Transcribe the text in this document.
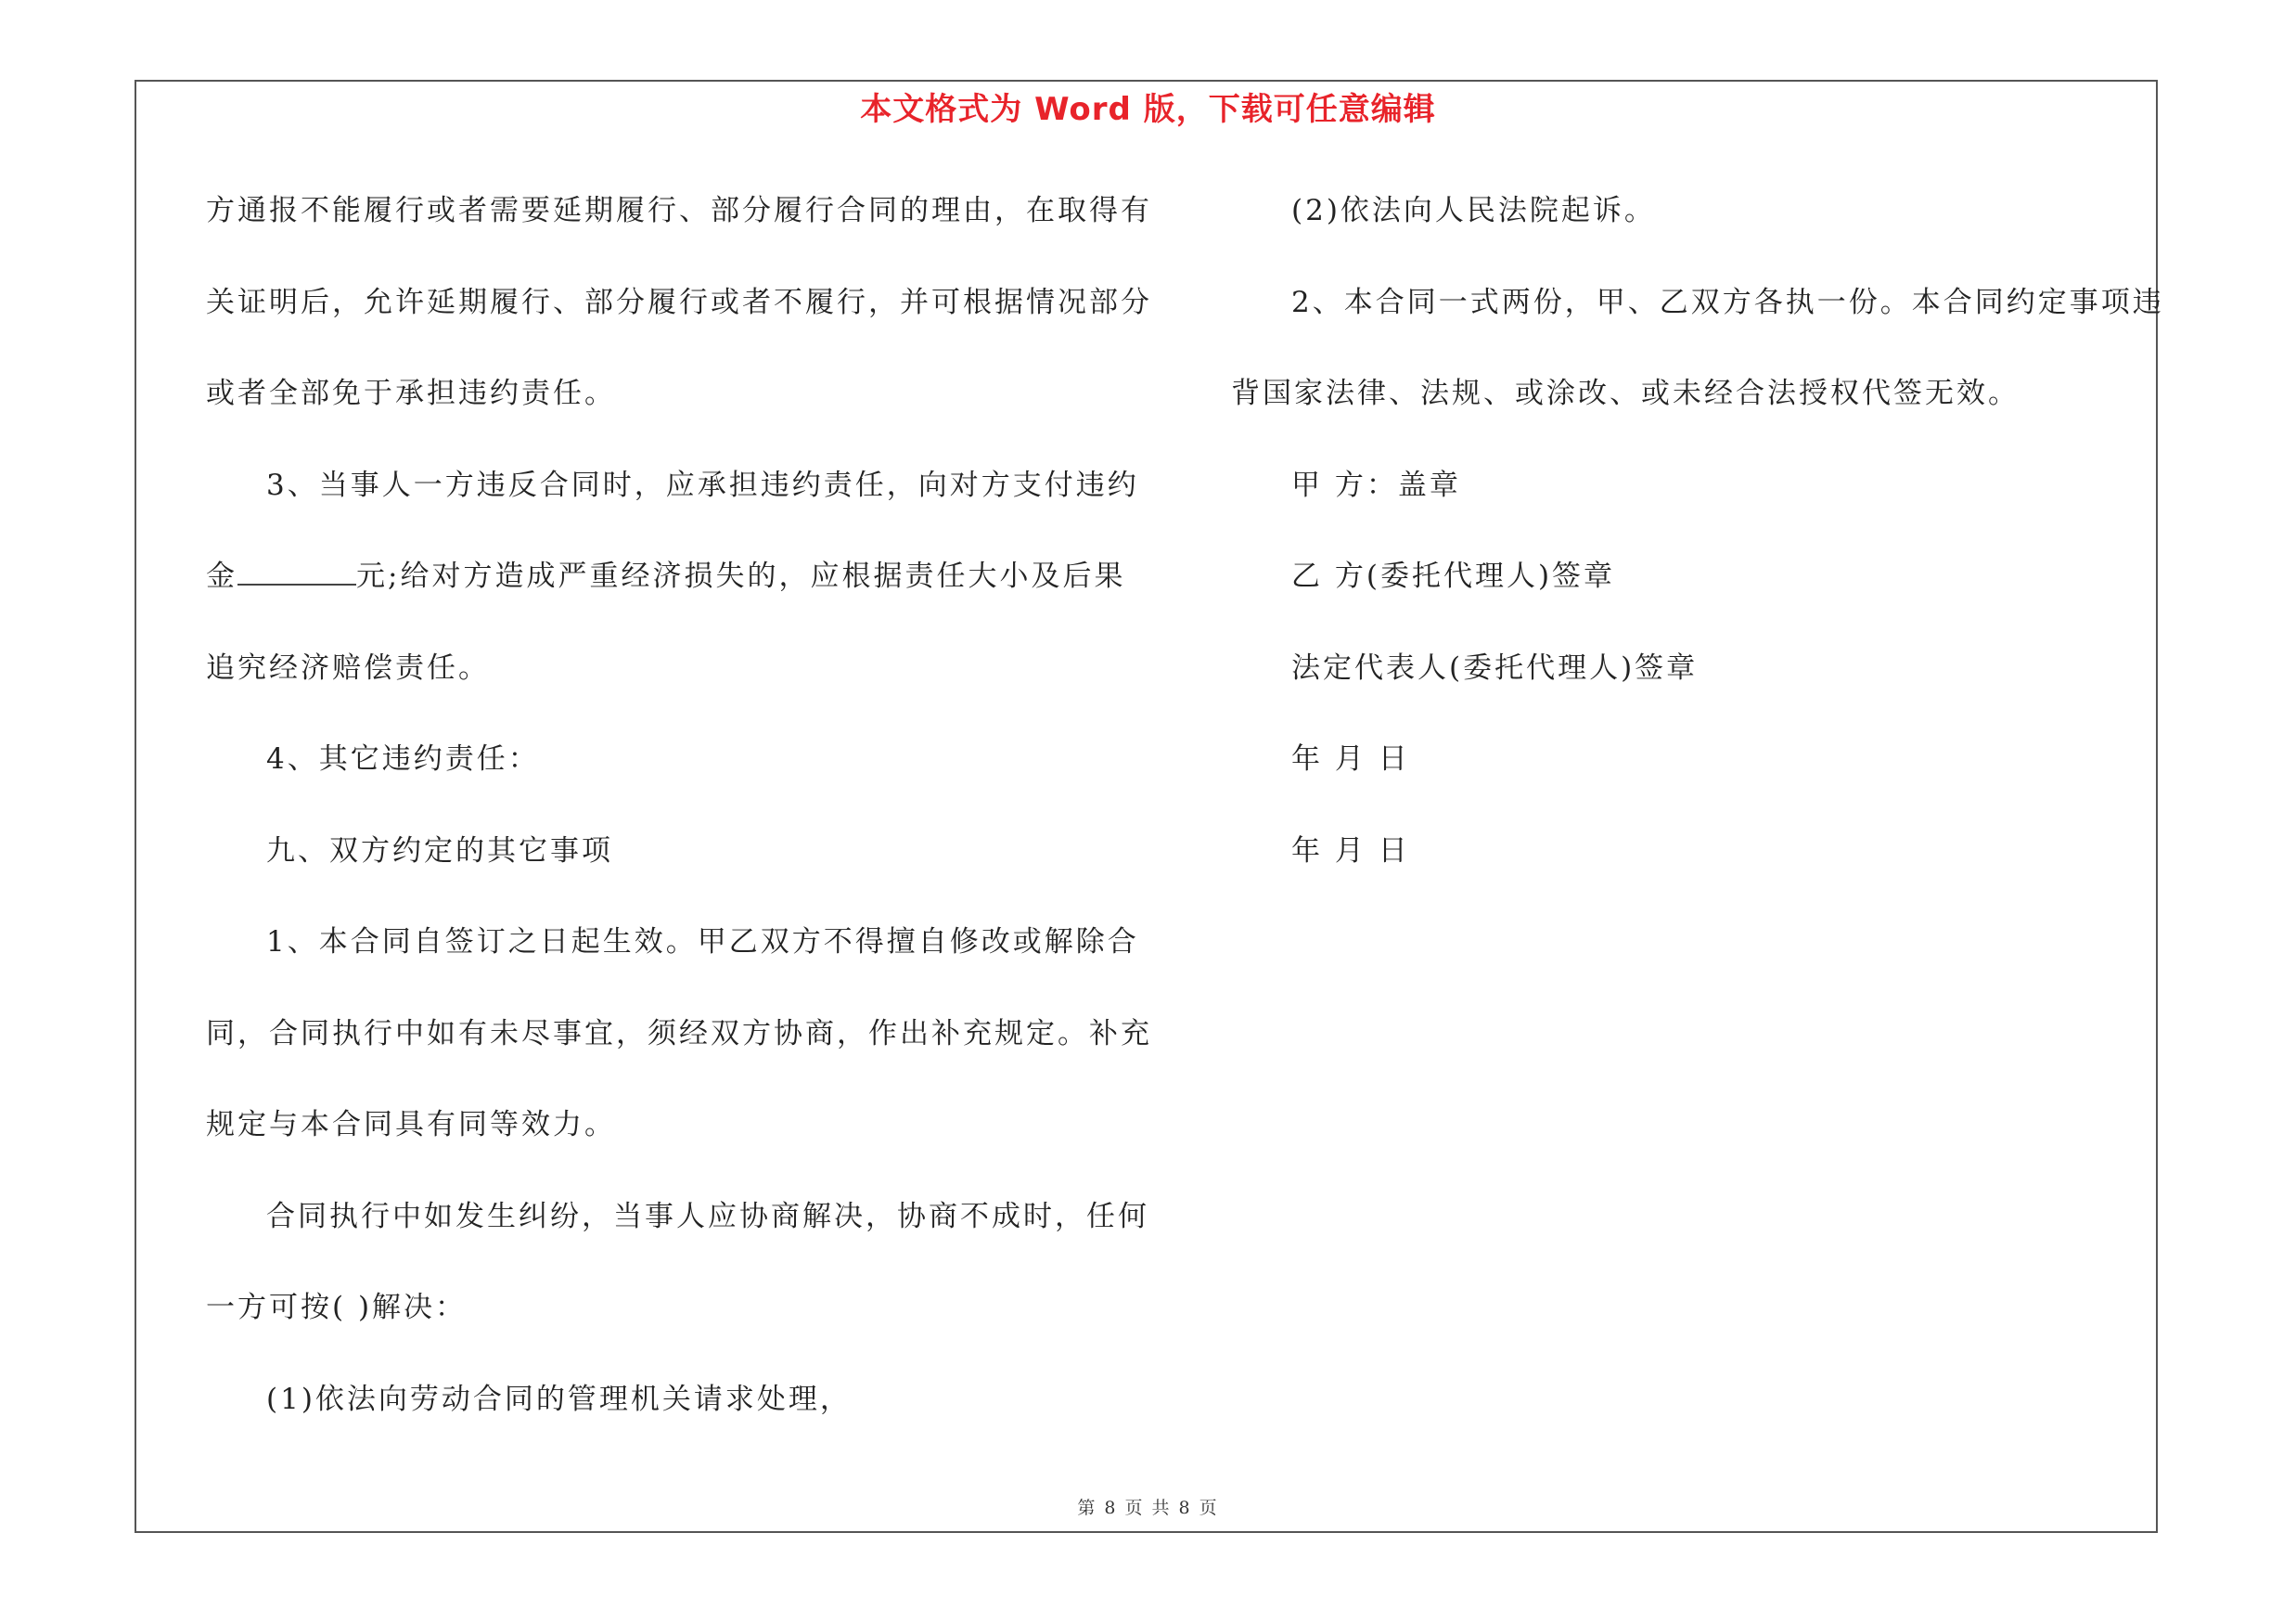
本文格式为 Word 版，下载可任意编辑
方通报不能履行或者需要延期履行、部分履行合同的理由，在取得有
关证明后，允许延期履行、部分履行或者不履行，并可根据情况部分
或者全部免于承担违约责任。
3、当事人一方违反合同时，应承担违约责任，向对方支付违约
金	元;给对方造成严重经济损失的，应根据责任大小及后果
追究经济赔偿责任。
4、其它违约责任：
九、双方约定的其它事项
1、本合同自签订之日起生效。甲乙双方不得擅自修改或解除合
同，合同执行中如有未尽事宜，须经双方协商，作出补充规定。补充
规定与本合同具有同等效力。
合同执行中如发生纠纷，当事人应协商解决，协商不成时，任何
一方可按( )解决：
(1)依法向劳动合同的管理机关请求处理，
(2)依法向人民法院起诉。
2、本合同一式两份，甲、乙双方各执一份。本合同约定事项违
背国家法律、法规、或涂改、或未经合法授权代签无效。
甲 方：盖章
乙 方(委托代理人)签章
法定代表人(委托代理人)签章
年 月 日
年 月 日
第 8 页 共 8 页
